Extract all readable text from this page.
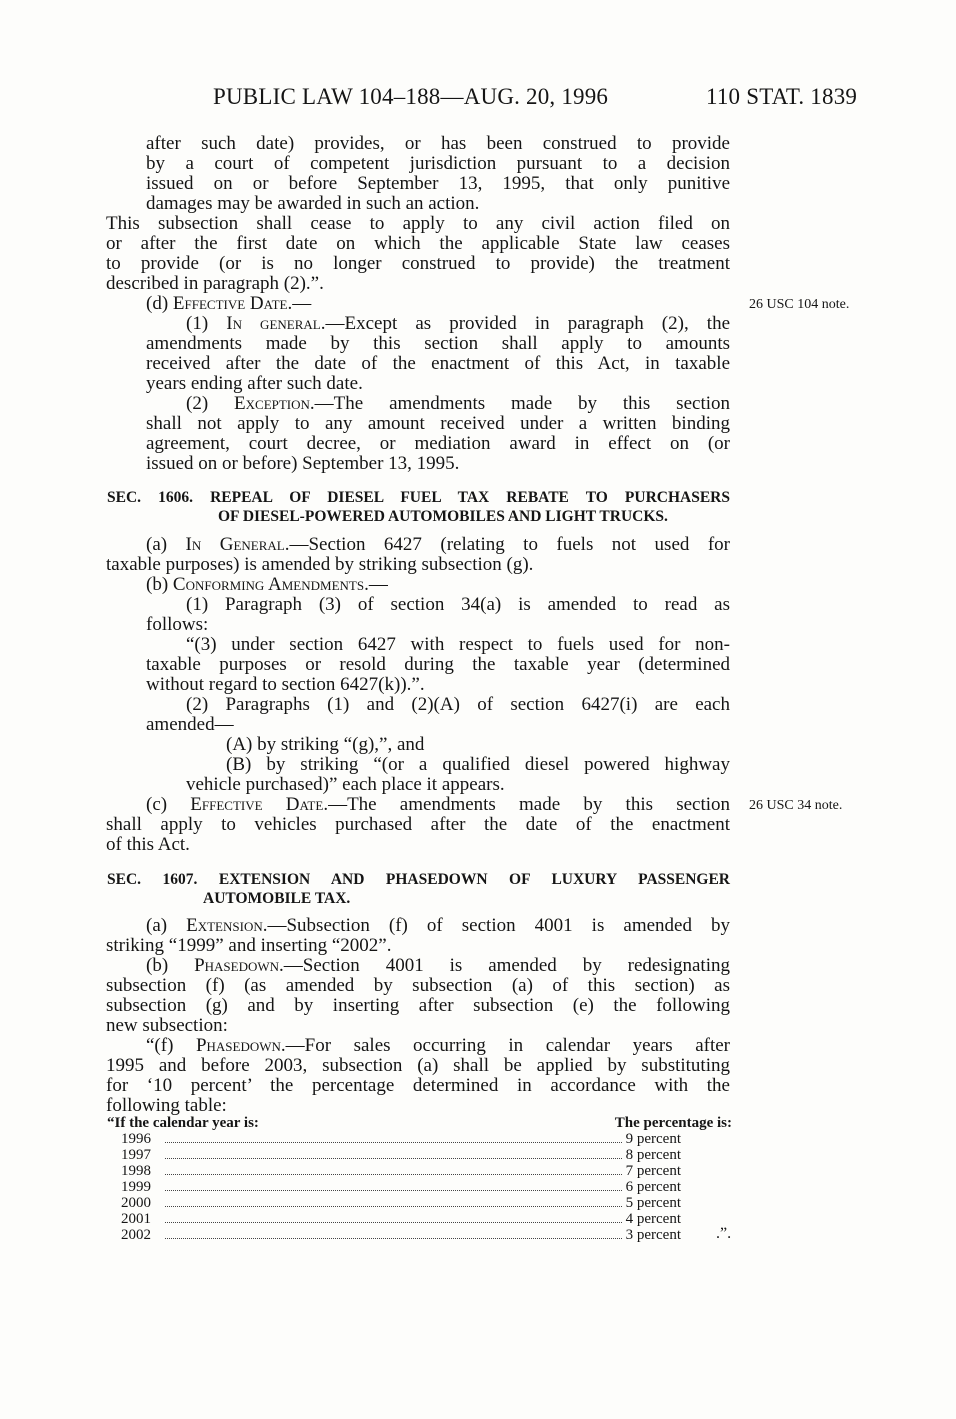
PUBLIC LAW 104–188—AUG. 20, 1996	110 STAT. 1839
after such date) provides, or has been construed to provide
by a court of competent jurisdiction pursuant to a decision
issued on or before September 13, 1995, that only punitive
damages may be awarded in such an action.
This subsection shall cease to apply to any civil action filed on
or after the first date on which the applicable State law ceases
to provide (or is no longer construed to provide) the treatment
described in paragraph (2).”.
(d) Effective Date.—	26 USC 104 note.
(1) In general.—Except as provided in paragraph (2), the
amendments made by this section shall apply to amounts
received after the date of the enactment of this Act, in taxable
years ending after such date.
(2) Exception.—The amendments made by this section
shall not apply to any amount received under a written binding
agreement, court decree, or mediation award in effect on (or
issued on or before) September 13, 1995.
SEC. 1606. REPEAL OF DIESEL FUEL TAX REBATE TO PURCHASERS
OF DIESEL-POWERED AUTOMOBILES AND LIGHT TRUCKS.
(a) In General.—Section 6427 (relating to fuels not used for
taxable purposes) is amended by striking subsection (g).
(b) Conforming Amendments.—
(1) Paragraph (3) of section 34(a) is amended to read as
follows:
“(3) under section 6427 with respect to fuels used for non-
taxable purposes or resold during the taxable year (determined
without regard to section 6427(k)).”.
(2) Paragraphs (1) and (2)(A) of section 6427(i) are each
amended—
(A) by striking “(g),”, and
(B) by striking “(or a qualified diesel powered highway
vehicle purchased)” each place it appears.
(c) Effective Date.—The amendments made by this section 26 USC 34 note.
shall apply to vehicles purchased after the date of the enactment
of this Act.
SEC. 1607. EXTENSION AND PHASEDOWN OF LUXURY PASSENGER
AUTOMOBILE TAX.
(a) Extension.—Subsection (f) of section 4001 is amended by
striking “1999” and inserting “2002”.
(b) Phasedown.—Section 4001 is amended by redesignating
subsection (f) (as amended by subsection (a) of this section) as
subsection (g) and by inserting after subsection (e) the following
new subsection:
“(f) Phasedown.—For sales occurring in calendar years after
1995 and before 2003, subsection (a) shall be applied by substituting
for ‘10 percent’ the percentage determined in accordance with the
following table:
“If the calendar year is:	The percentage is:
1996	9 percent
1997	8 percent
1998	7 percent
1999	6 percent
2000	5 percent
2001	4 percent
2002	3 percent .”.
